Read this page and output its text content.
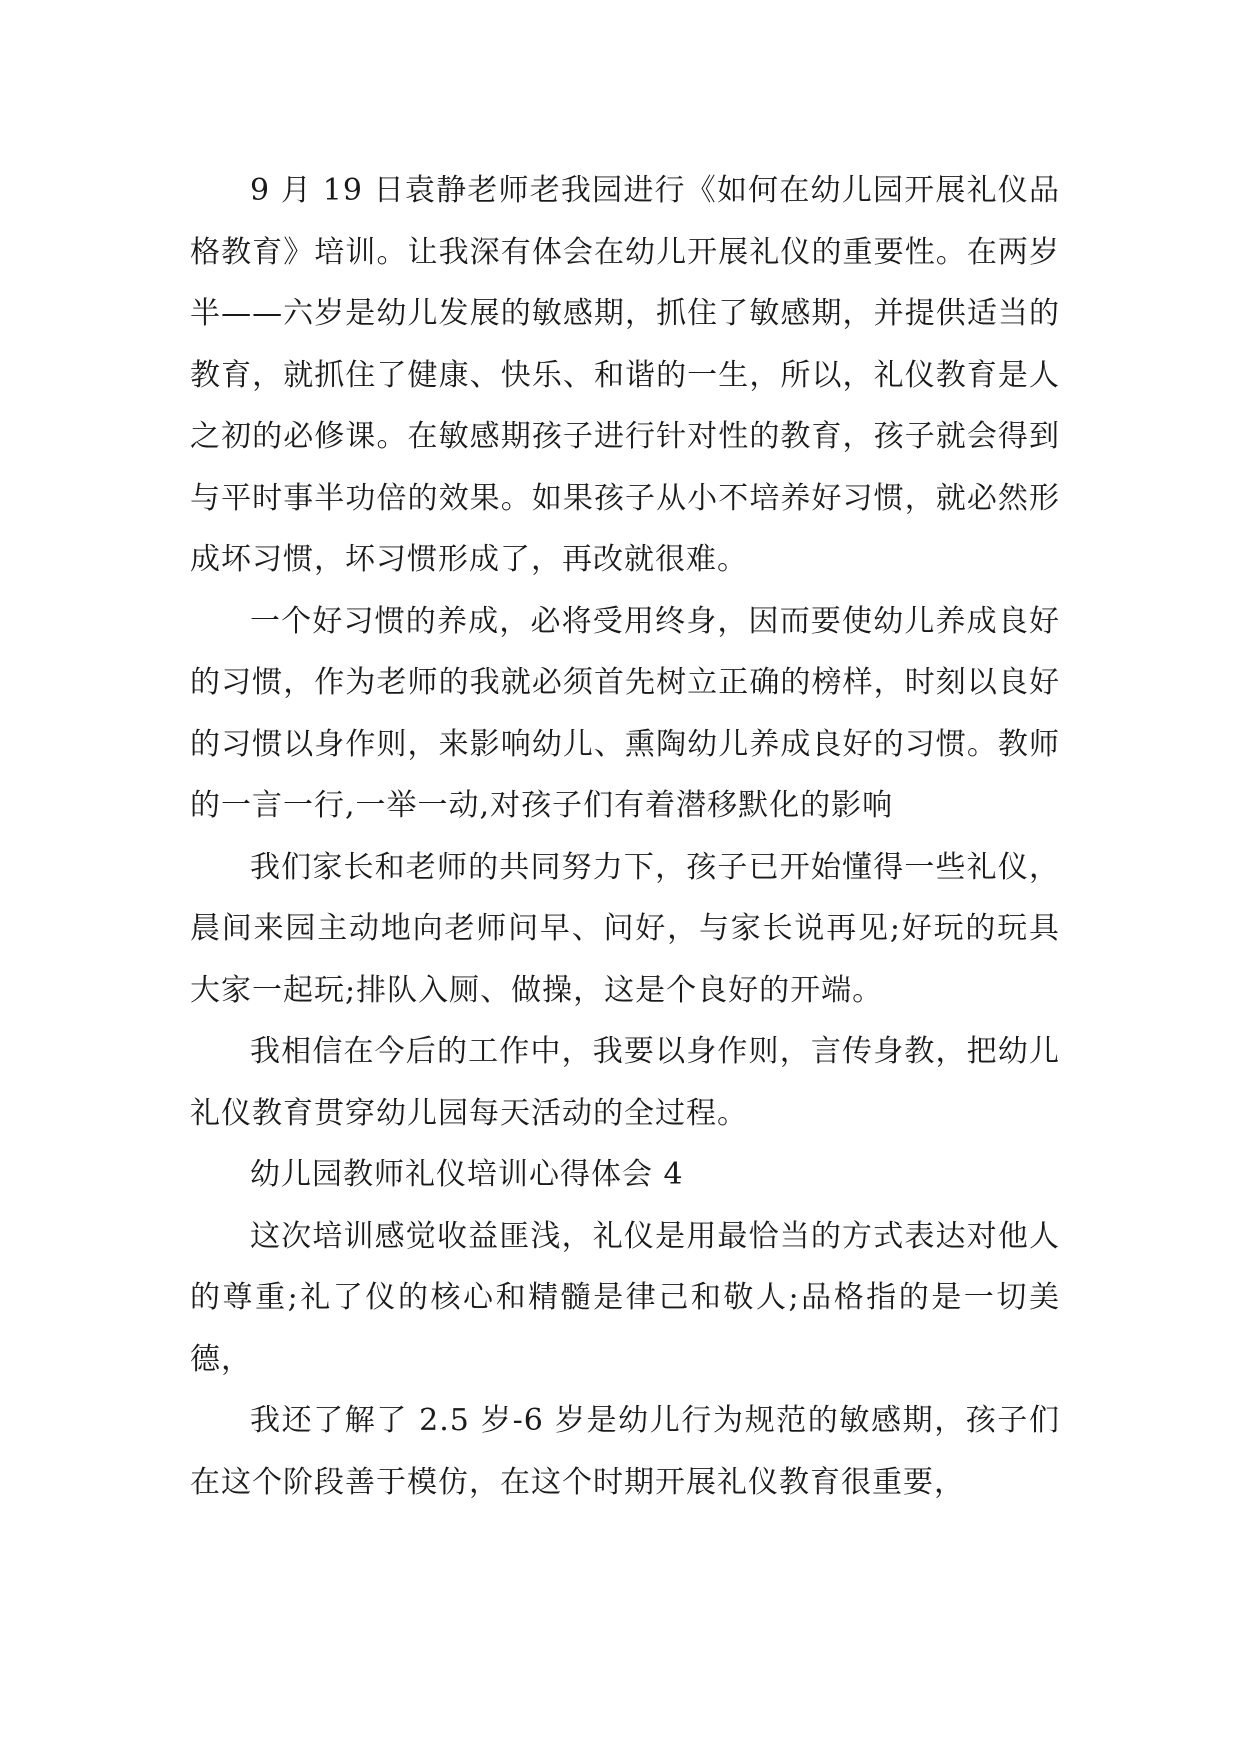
9 月 19 日袁静老师老我园进行《如何在幼儿园开展礼仪品格教育》培训。让我深有体会在幼儿开展礼仪的重要性。在两岁半——六岁是幼儿发展的敏感期，抓住了敏感期，并提供适当的教育，就抓住了健康、快乐、和谐的一生，所以，礼仪教育是人之初的必修课。在敏感期孩子进行针对性的教育，孩子就会得到与平时事半功倍的效果。如果孩子从小不培养好习惯，就必然形成坏习惯，坏习惯形成了，再改就很难。

一个好习惯的养成，必将受用终身，因而要使幼儿养成良好的习惯，作为老师的我就必须首先树立正确的榜样，时刻以良好的习惯以身作则，来影响幼儿、熏陶幼儿养成良好的习惯。教师的一言一行,一举一动,对孩子们有着潜移默化的影响

我们家长和老师的共同努力下，孩子已开始懂得一些礼仪，晨间来园主动地向老师问早、问好，与家长说再见;好玩的玩具大家一起玩;排队入厕、做操，这是个良好的开端。

我相信在今后的工作中，我要以身作则，言传身教，把幼儿礼仪教育贯穿幼儿园每天活动的全过程。

幼儿园教师礼仪培训心得体会 4

这次培训感觉收益匪浅，礼仪是用最恰当的方式表达对他人的尊重;礼了仪的核心和精髓是律己和敬人;品格指的是一切美德，

我还了解了 2.5 岁-6 岁是幼儿行为规范的敏感期，孩子们在这个阶段善于模仿，在这个时期开展礼仪教育很重要，
